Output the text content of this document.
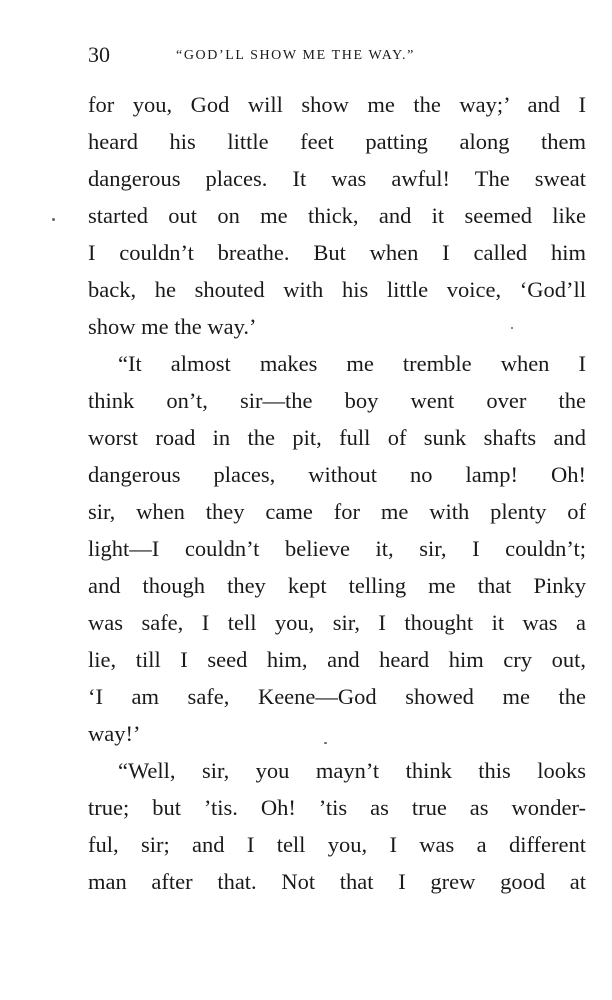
30	“GOD’LL SHOW ME THE WAY.”
for you, God will show me the way;’ and I
heard his little feet patting along them
dangerous places. It was awful! The sweat
started out on me thick, and it seemed like
I couldn’t breathe. But when I called him
back, he shouted with his little voice, ‘God’ll
show me the way.’
“It almost makes me tremble when I
think on’t, sir—the boy went over the
worst road in the pit, full of sunk shafts and
dangerous places, without no lamp! Oh!
sir, when they came for me with plenty of
light—I couldn’t believe it, sir, I couldn’t;
and though they kept telling me that Pinky
was safe, I tell you, sir, I thought it was a
lie, till I seed him, and heard him cry out,
‘I am safe, Keene—God showed me the
way!’
“Well, sir, you mayn’t think this looks
true; but ’tis. Oh! ’tis as true as wonder-
ful, sir; and I tell you, I was a different
man after that. Not that I grew good at
